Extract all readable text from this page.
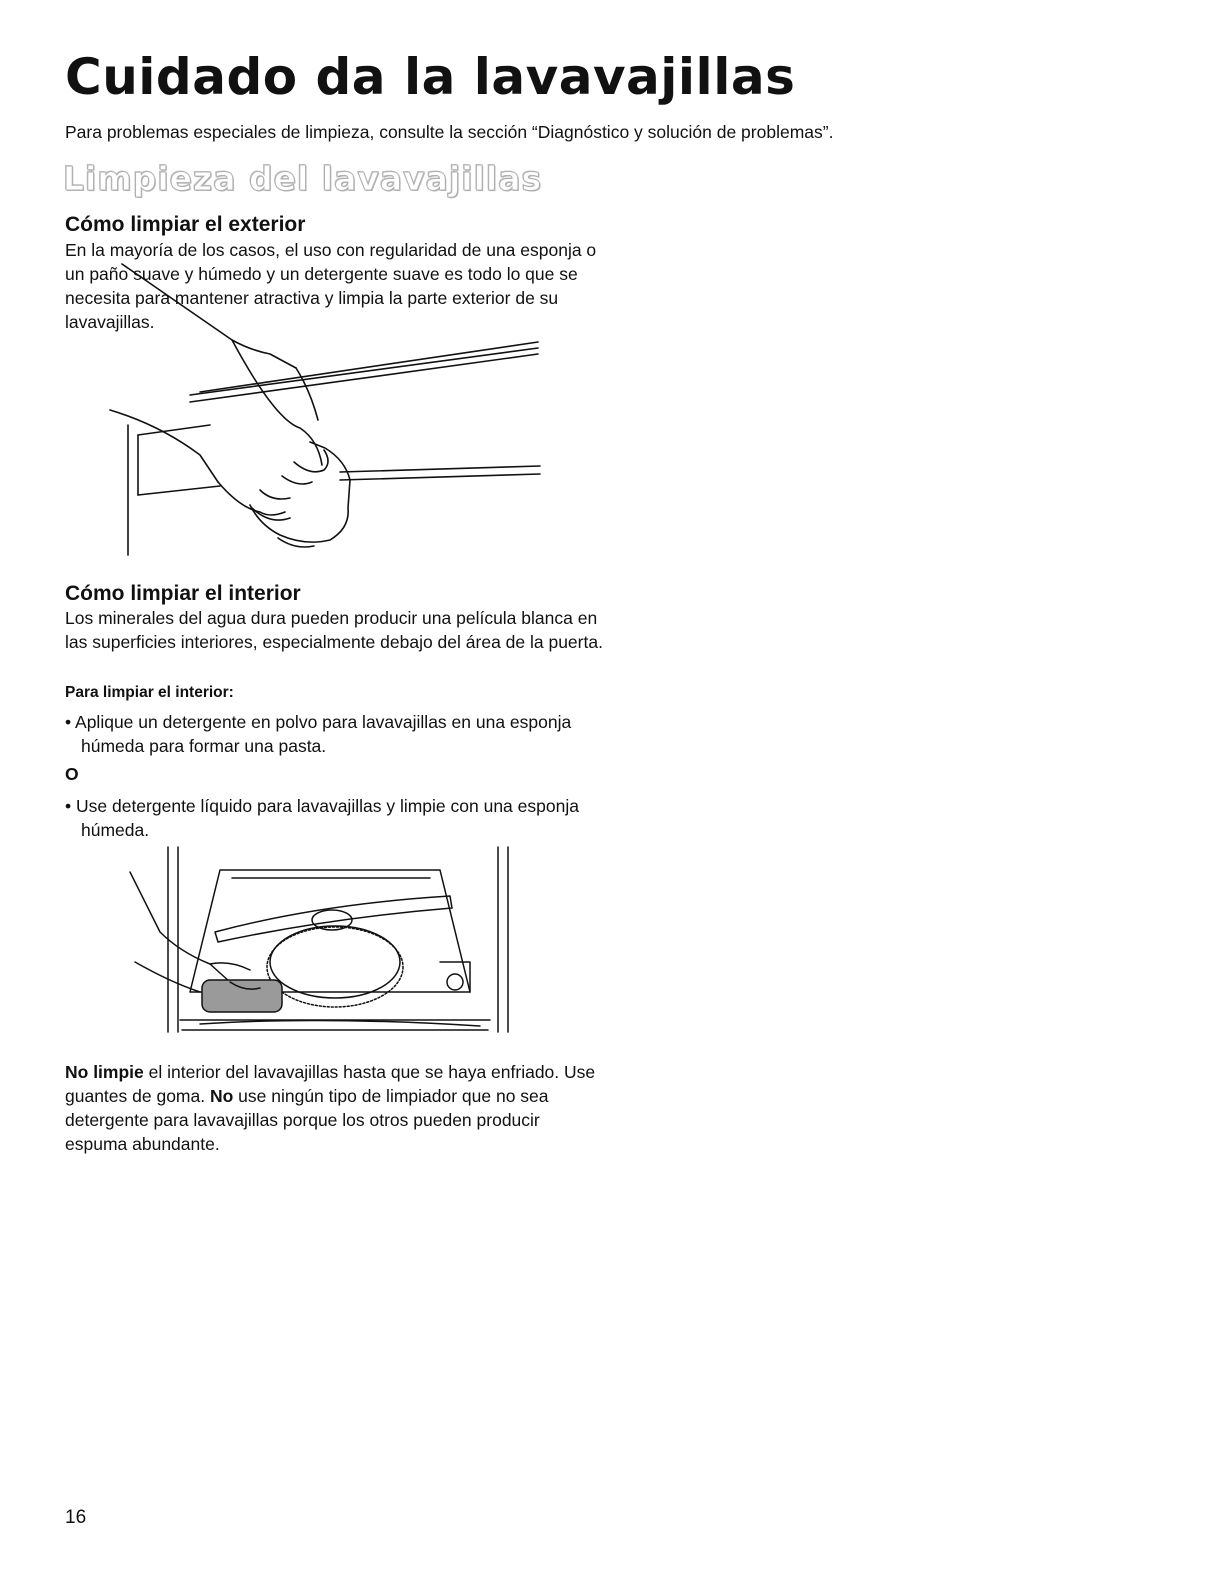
Cuidado da la lavavajillas

Para problemas especiales de limpieza, consulte la sección “Diagnóstico y solución de problemas”.

Limpieza del lavavajillas
Cómo limpiar el exterior

En la mayoría de los casos, el uso con regularidad de una esponja o un paño suave y húmedo y un detergente suave es todo lo que se necesita para mantener atractiva y limpia la parte exterior de su lavavajillas.

Cómo limpiar el interior

Los minerales del agua dura pueden producir una película blanca en las superficies interiores, especialmente debajo del área de la puerta.

Para limpiar el interior:

• Aplique un detergente en polvo para lavavajillas en una esponja húmeda para formar una pasta.

O

• Use detergente líquido para lavavajillas y limpie con una esponja húmeda.

No limpie el interior del lavavajillas hasta que se haya enfriado. Use guantes de goma. No use ningún tipo de limpiador que no sea detergente para lavavajillas porque los otros pueden producir espuma abundante.

16
